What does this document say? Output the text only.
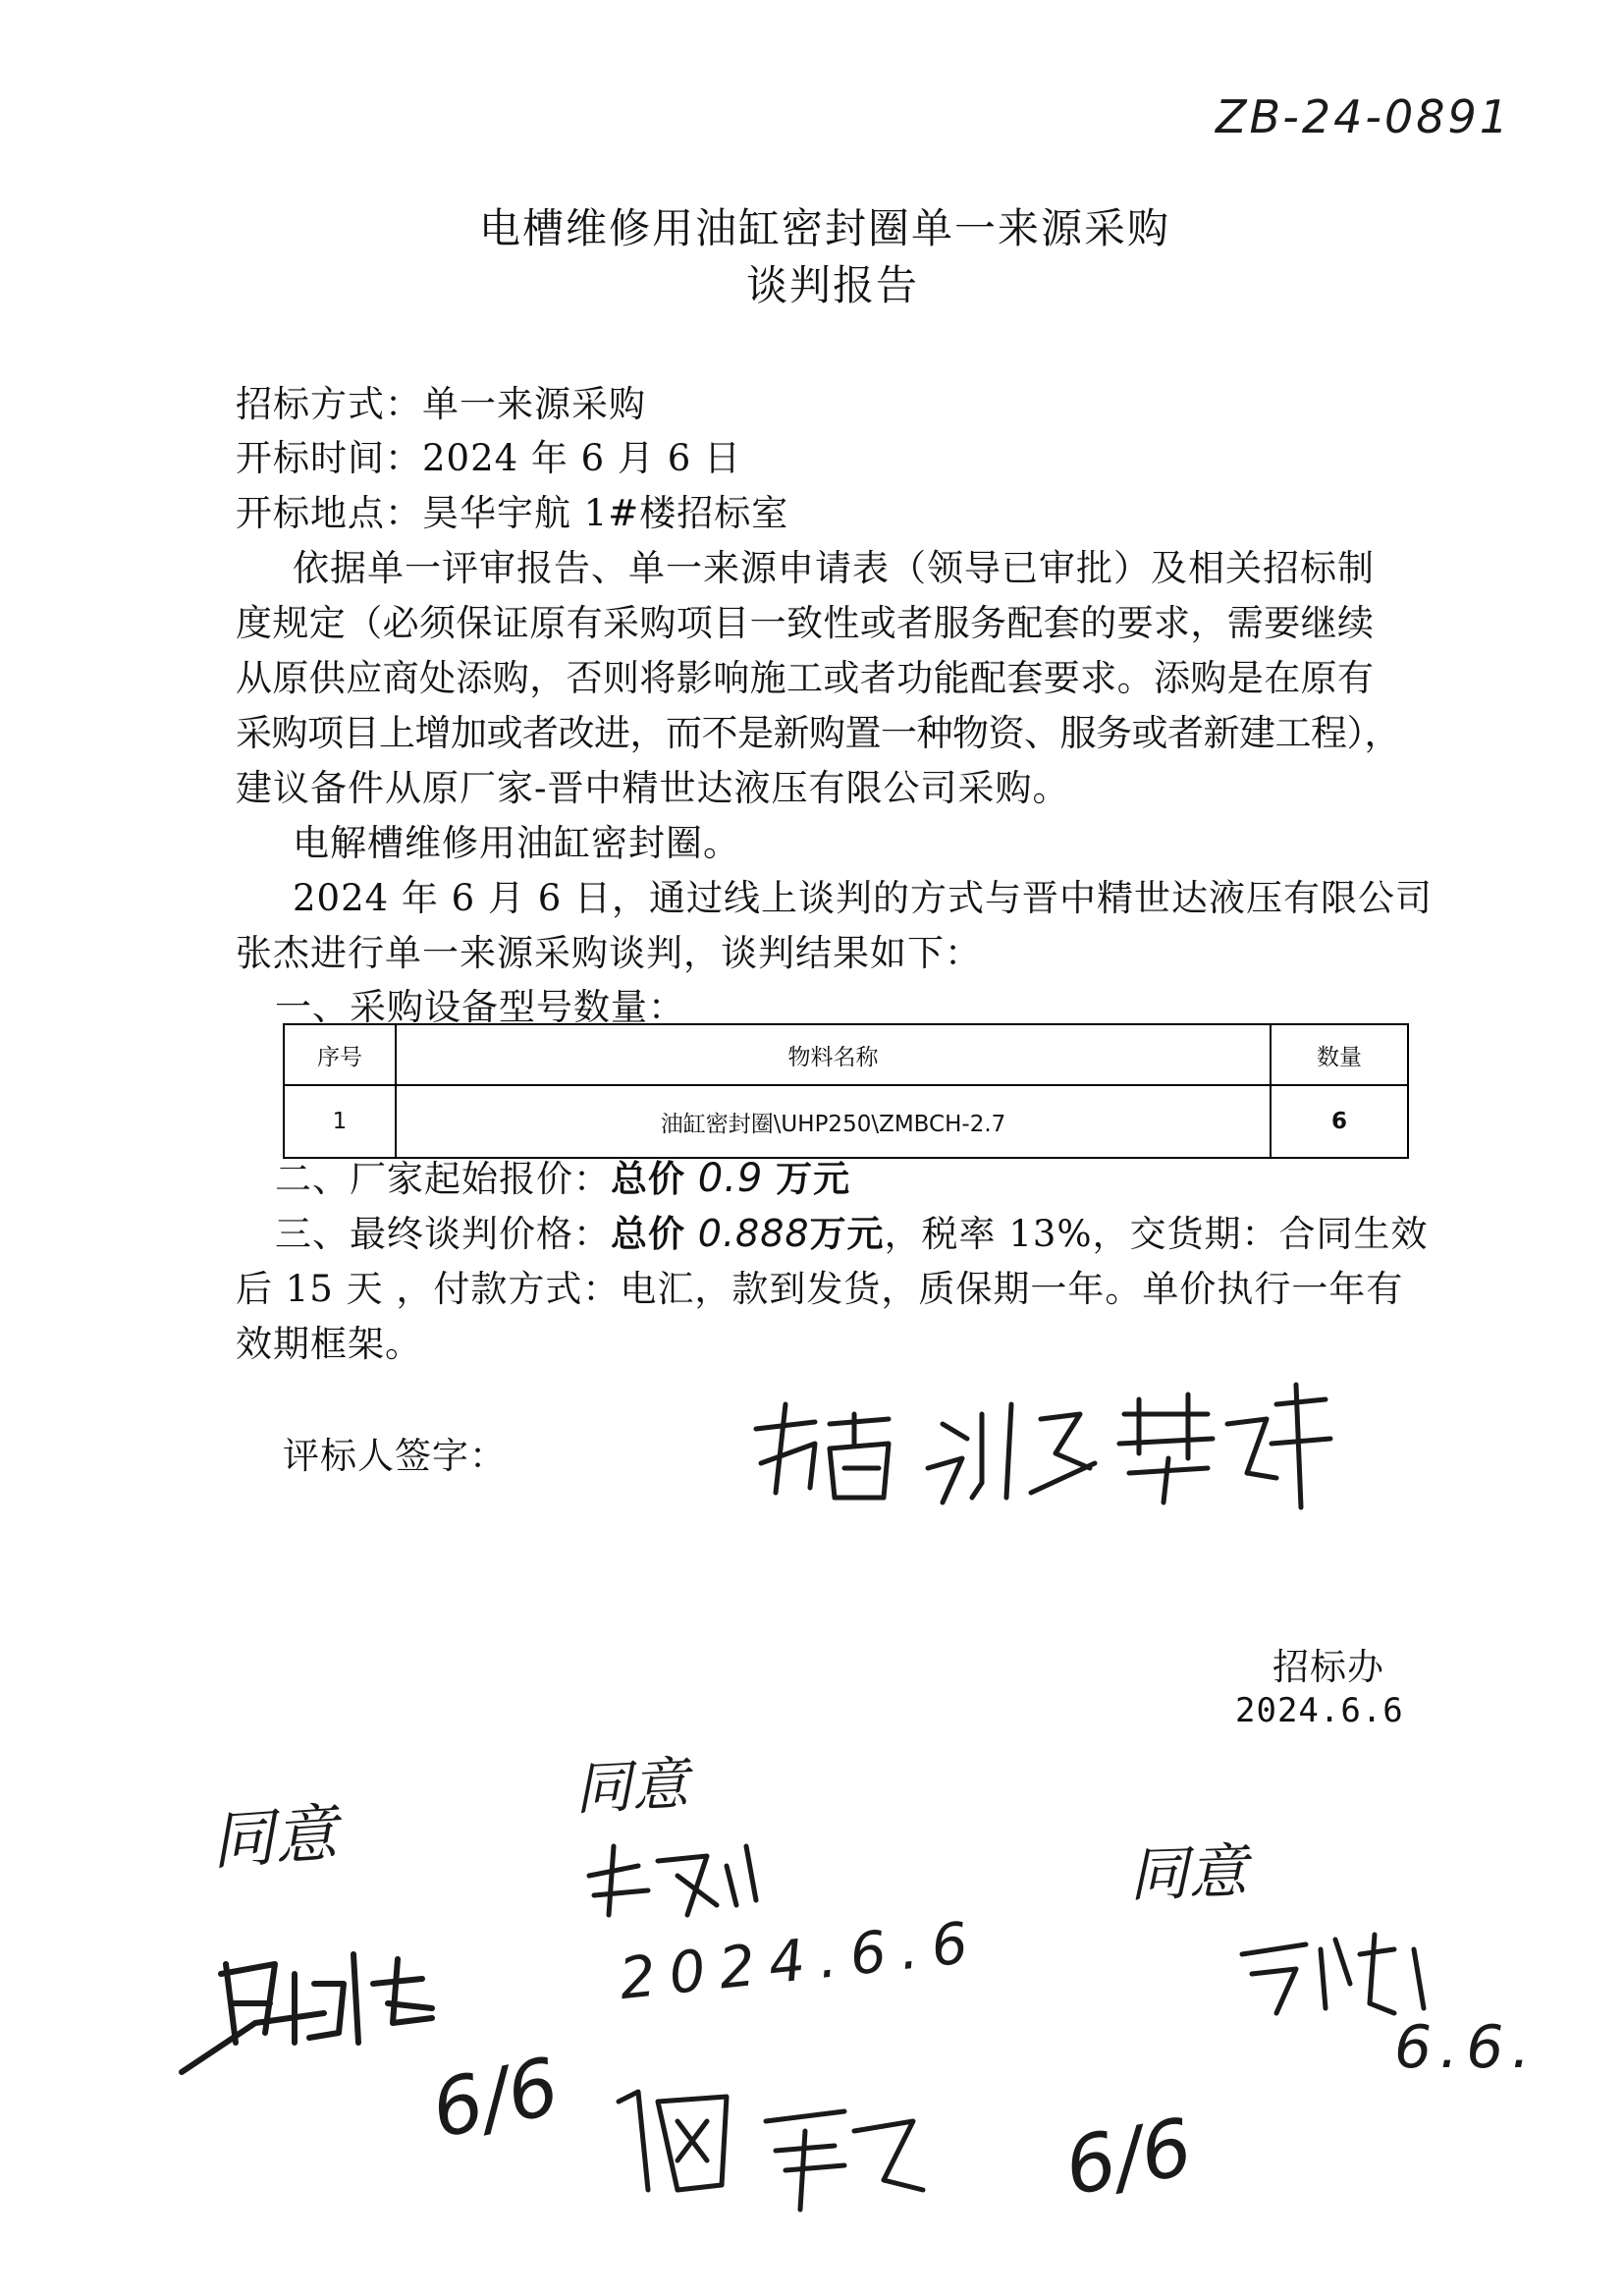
ZB-24-0891
电槽维修用油缸密封圈单一来源采购
谈判报告
招标方式：单一来源采购
开标时间：2024 年 6 月 6 日
开标地点：昊华宇航 1#楼招标室
依据单一评审报告、单一来源申请表（领导已审批）及相关招标制
度规定（必须保证原有采购项目一致性或者服务配套的要求，需要继续
从原供应商处添购，否则将影响施工或者功能配套要求。添购是在原有
采购项目上增加或者改进，而不是新购置一种物资、服务或者新建工程），
建议备件从原厂家-晋中精世达液压有限公司采购。
电解槽维修用油缸密封圈。
2024 年 6 月 6 日，通过线上谈判的方式与晋中精世达液压有限公司
张杰进行单一来源采购谈判，谈判结果如下：
一、采购设备型号数量：
序号	物料名称	数量
1	油缸密封圈\UHP250\ZMBCH-2.7	6
二、厂家起始报价：总价 0.9 万元
三、最终谈判价格：总价 0.888万元，税率 13%，交货期：合同生效
后 15 天 ，付款方式：电汇，款到发货，质保期一年。单价执行一年有
效期框架。
评标人签字：
招标办
2024.6.6
同意
同意
2024.6.6
同意
6.6.
6/6
6/6
